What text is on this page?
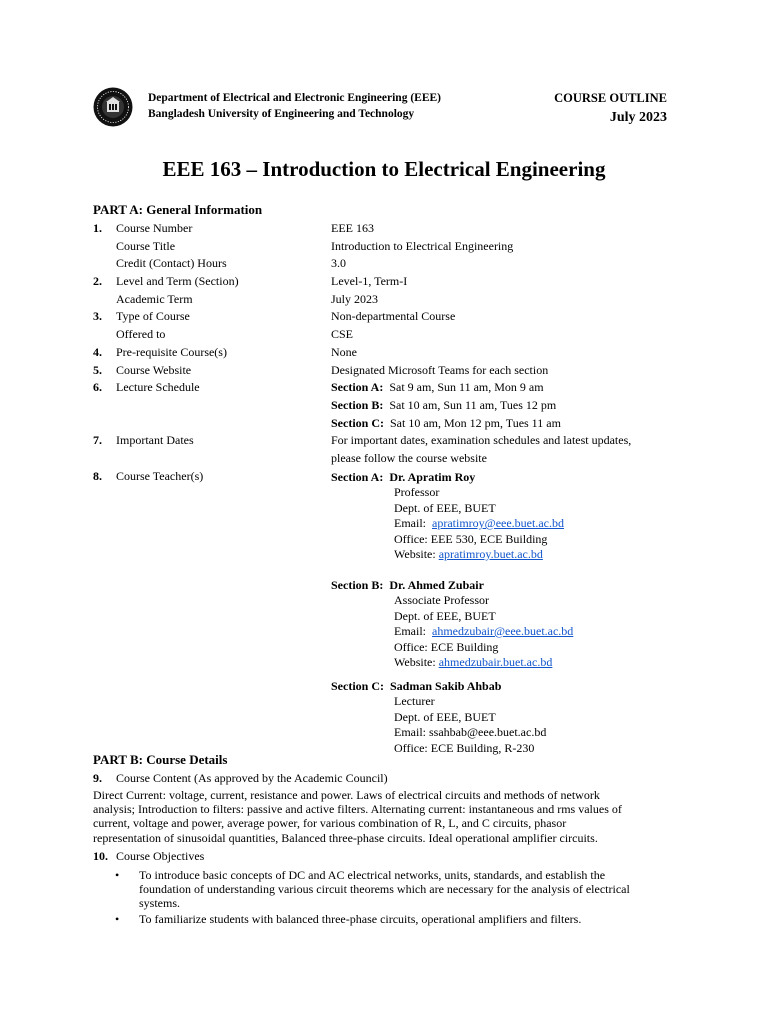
Department of Electrical and Electronic Engineering (EEE)
Bangladesh University of Engineering and Technology
COURSE OUTLINE
July 2023
EEE 163 – Introduction to Electrical Engineering
PART A: General Information
1. Course Number	EEE 163
Course Title	Introduction to Electrical Engineering
Credit (Contact) Hours	3.0
2. Level and Term (Section)	Level-1, Term-I
Academic Term	July 2023
3. Type of Course	Non-departmental Course
Offered to	CSE
4. Pre-requisite Course(s)	None
5. Course Website	Designated Microsoft Teams for each section
6. Lecture Schedule	Section A: Sat 9 am, Sun 11 am, Mon 9 am
Section B: Sat 10 am, Sun 11 am, Tues 12 pm
Section C: Sat 10 am, Mon 12 pm, Tues 11 am
7. Important Dates	For important dates, examination schedules and latest updates,
please follow the course website
8. Course Teacher(s)	Section A: Dr. Apratim Roy
Professor
Dept. of EEE, BUET
Email: apratimroy@eee.buet.ac.bd
Office: EEE 530, ECE Building
Website: apratimroy.buet.ac.bd
Section B: Dr. Ahmed Zubair
Associate Professor
Dept. of EEE, BUET
Email: ahmedzubair@eee.buet.ac.bd
Office: ECE Building
Website: ahmedzubair.buet.ac.bd
Section C: Sadman Sakib Ahbab
Lecturer
Dept. of EEE, BUET
Email: ssahbab@eee.buet.ac.bd
Office: ECE Building, R-230
PART B: Course Details
9. Course Content (As approved by the Academic Council)

Direct Current: voltage, current, resistance and power. Laws of electrical circuits and methods of network

analysis; Introduction to filters: passive and active filters. Alternating current: instantaneous and rms values of

current, voltage and power, average power, for various combination of R, L, and C circuits, phasor

representation of sinusoidal quantities, Balanced three-phase circuits. Ideal operational amplifier circuits.

10. Course Objectives
• To introduce basic concepts of DC and AC electrical networks, units, standards, and establish the
foundation of understanding various circuit theorems which are necessary for the analysis of electrical
systems.
• To familiarize students with balanced three-phase circuits, operational amplifiers and filters.
